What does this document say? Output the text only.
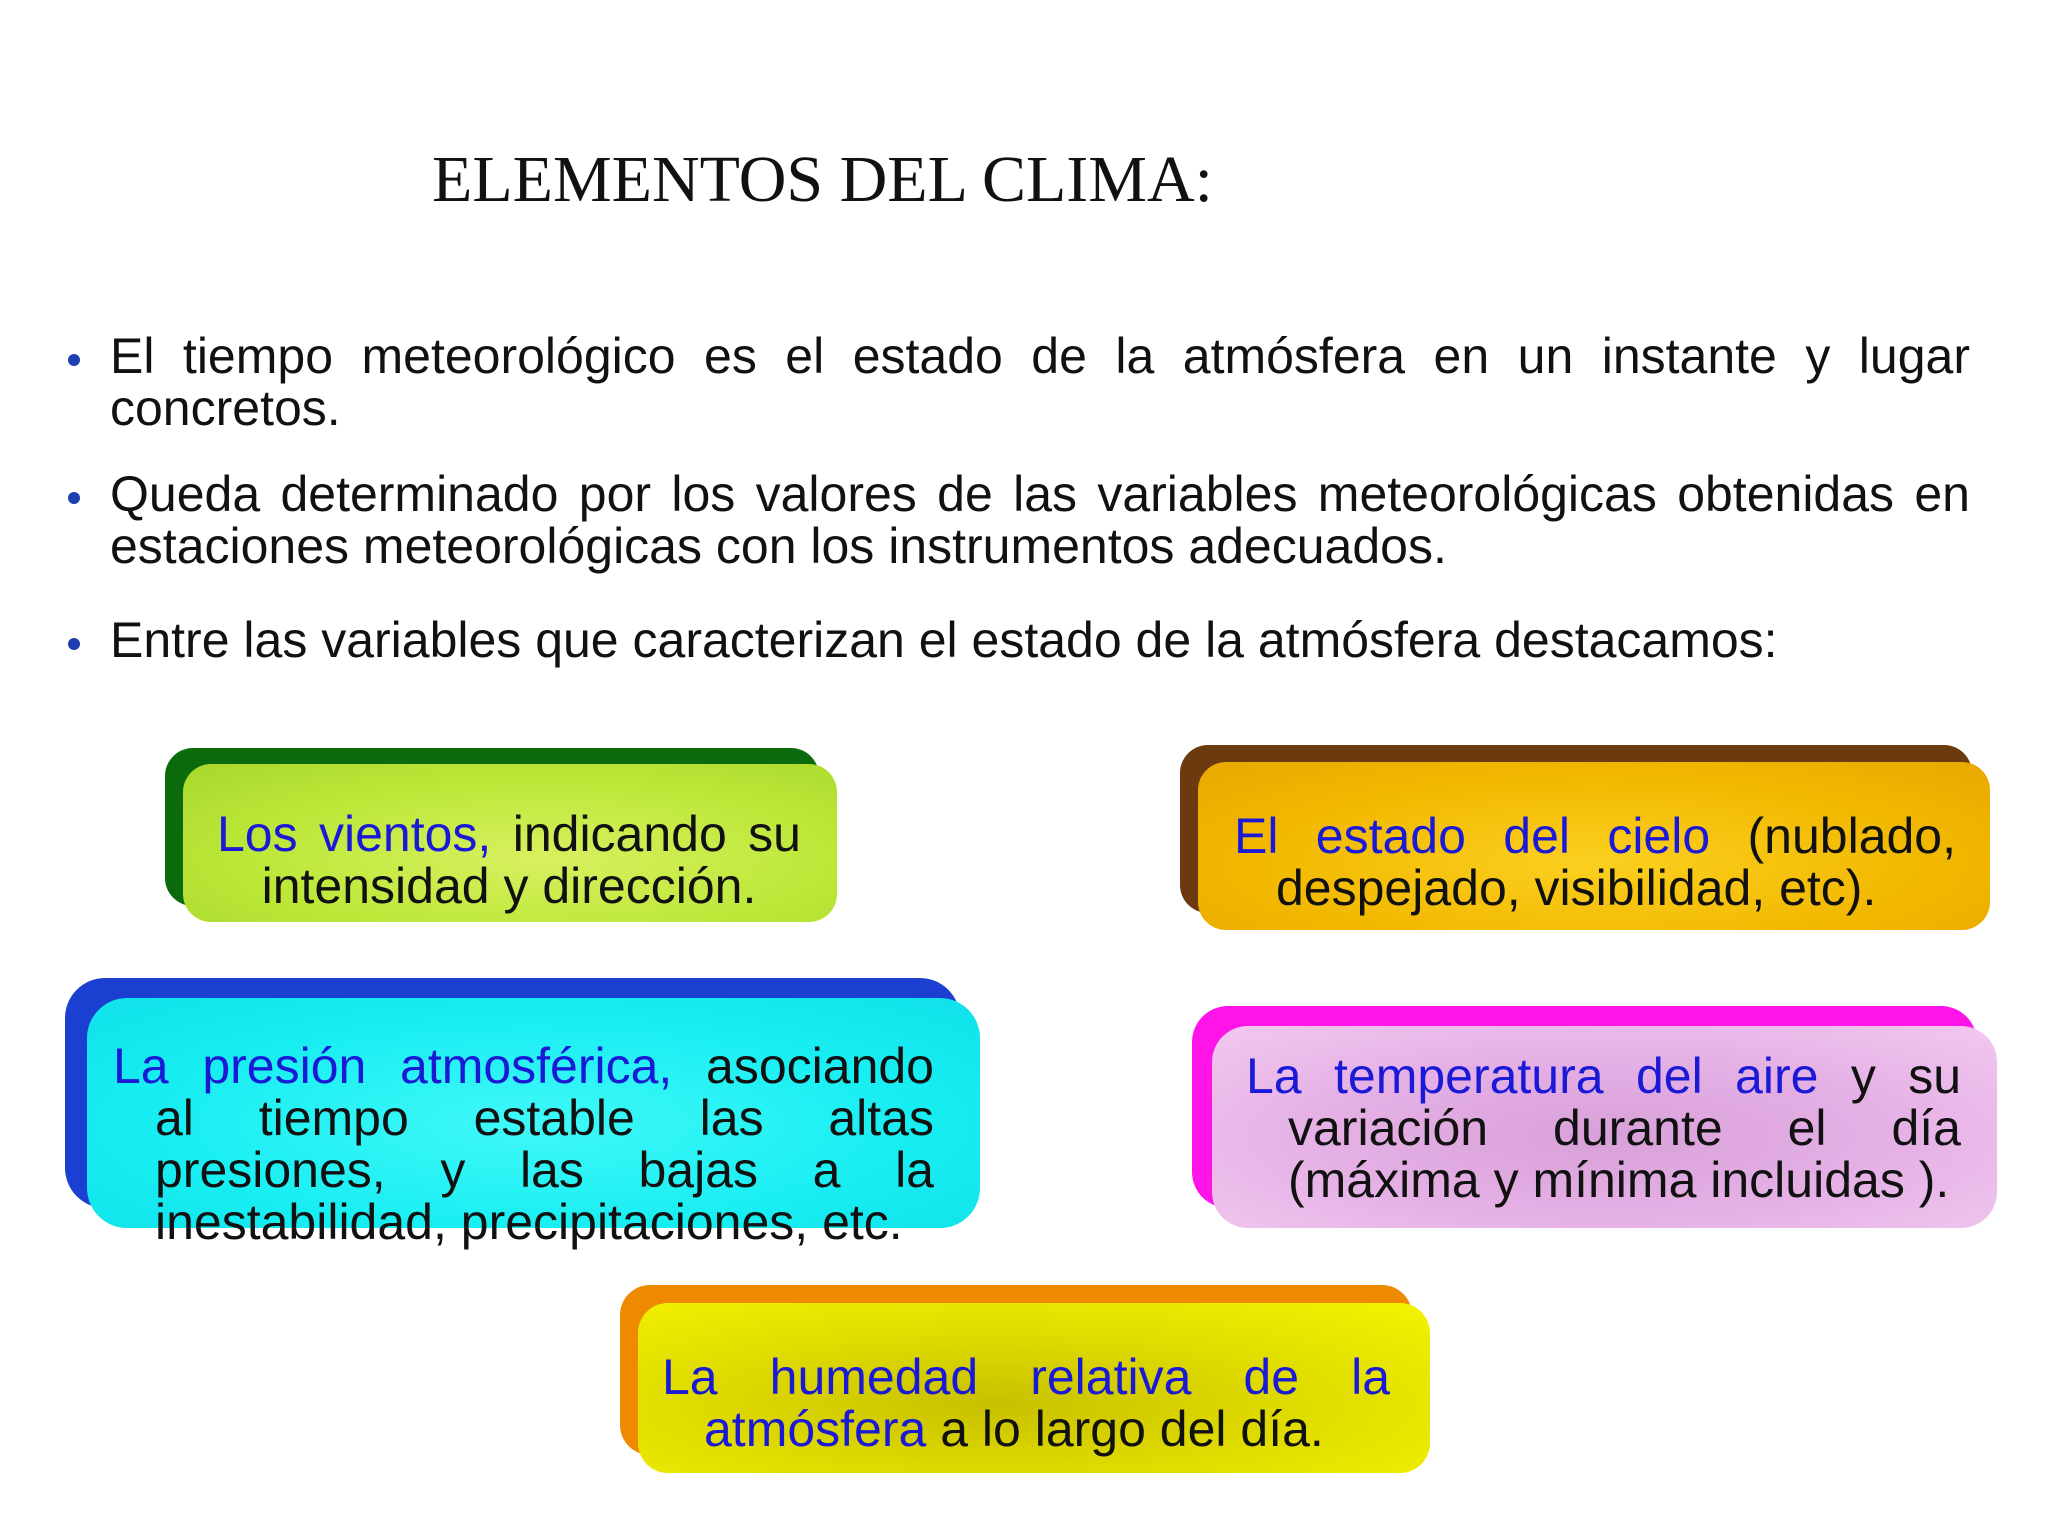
ELEMENTOS DEL CLIMA:
El tiempo meteorológico es el estado de la atmósfera en un instante y lugar
concretos.
Queda determinado por los valores de las variables meteorológicas obtenidas en
estaciones meteorológicas con los instrumentos adecuados.
Entre las variables que caracterizan el estado de la atmósfera destacamos:

Los vientos, indicando su

intensidad y dirección.

El estado del cielo (nublado,

despejado, visibilidad, etc).

La presión atmosférica, asociando

al tiempo estable las altas

presiones, y las bajas a la

inestabilidad, precipitaciones, etc.

La temperatura del aire y su

variación durante el día

(máxima y mínima incluidas ).

La humedad relativa de la

atmósfera a lo largo del día.
